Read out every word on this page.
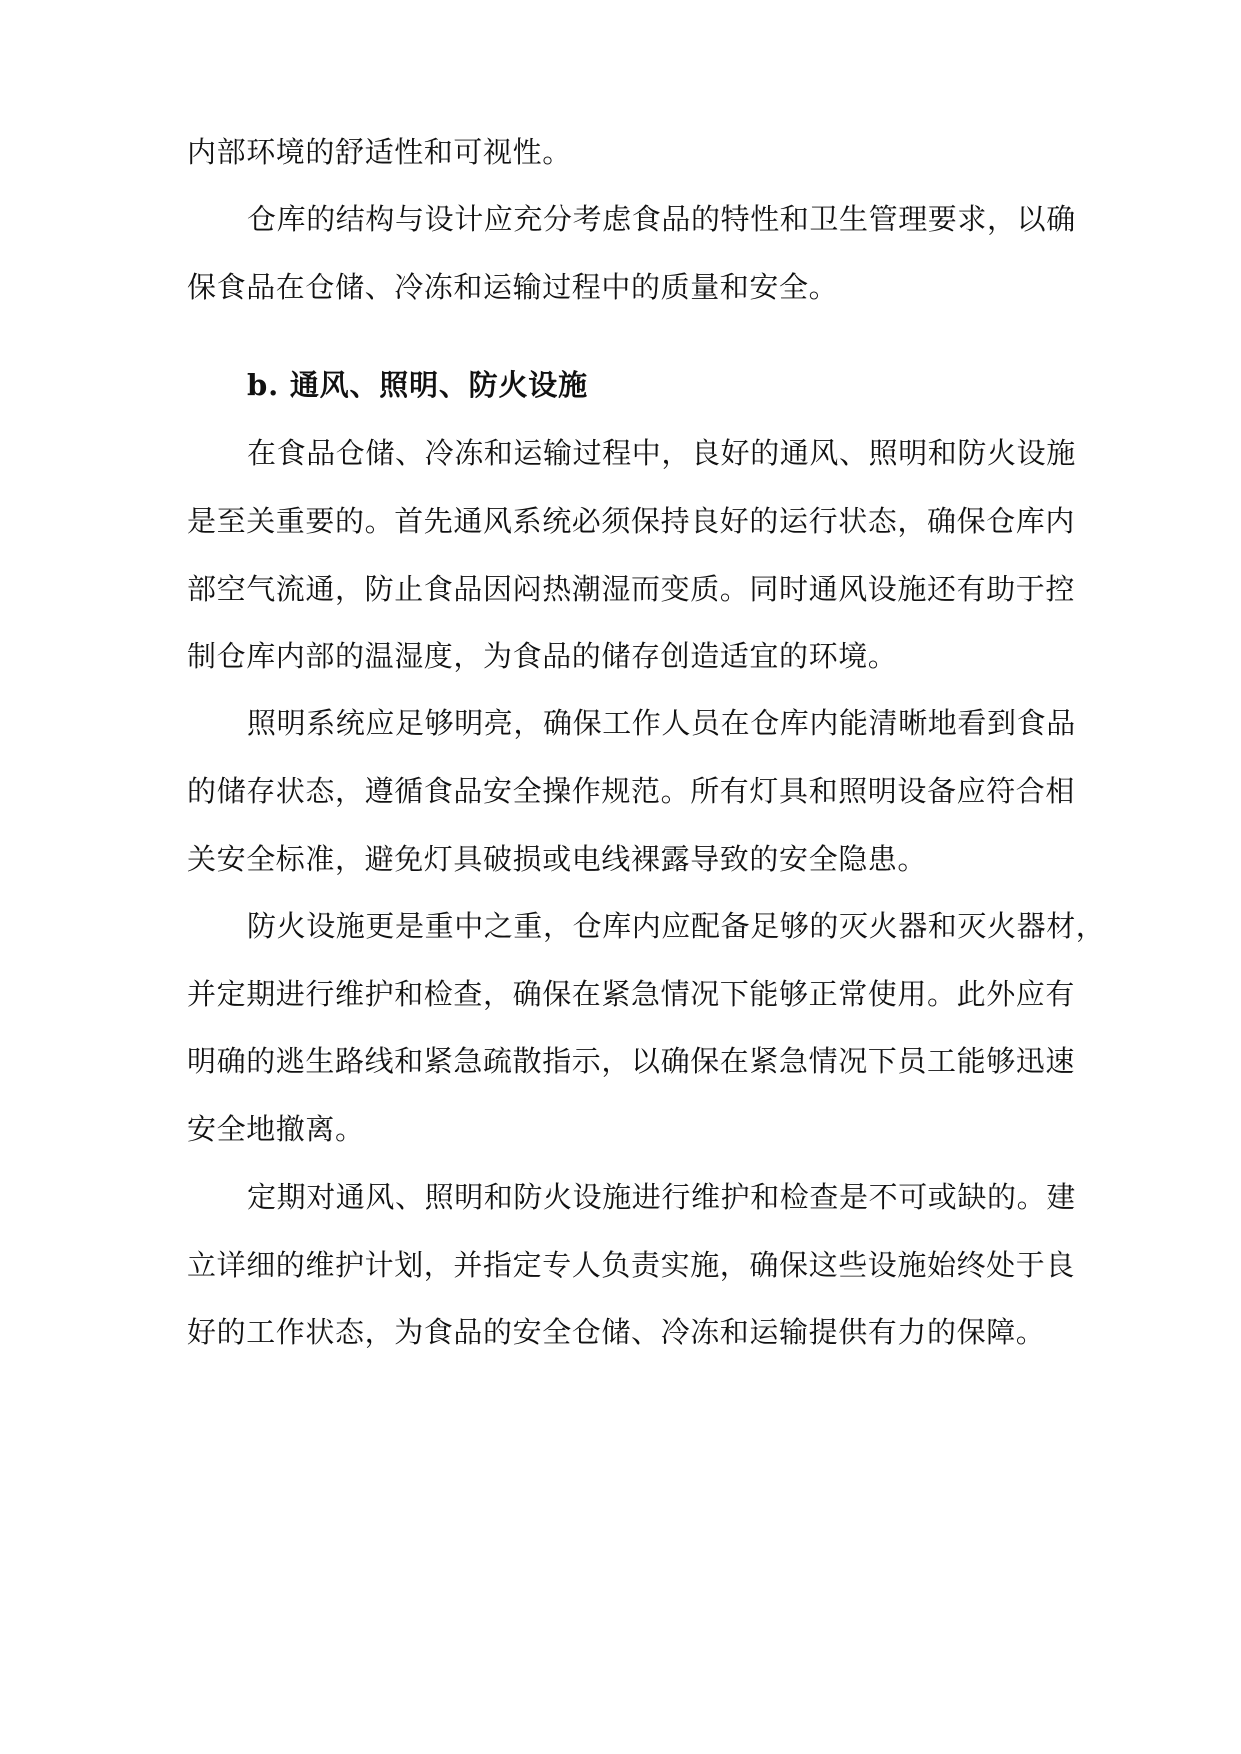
内部环境的舒适性和可视性。
仓库的结构与设计应充分考虑食品的特性和卫生管理要求，以确
保食品在仓储、冷冻和运输过程中的质量和安全。
b. 通风、照明、防火设施
在食品仓储、冷冻和运输过程中，良好的通风、照明和防火设施
是至关重要的。首先通风系统必须保持良好的运行状态，确保仓库内
部空气流通，防止食品因闷热潮湿而变质。同时通风设施还有助于控
制仓库内部的温湿度，为食品的储存创造适宜的环境。
照明系统应足够明亮，确保工作人员在仓库内能清晰地看到食品
的储存状态，遵循食品安全操作规范。所有灯具和照明设备应符合相
关安全标准，避免灯具破损或电线裸露导致的安全隐患。
防火设施更是重中之重，仓库内应配备足够的灭火器和灭火器材，
并定期进行维护和检查，确保在紧急情况下能够正常使用。此外应有
明确的逃生路线和紧急疏散指示，以确保在紧急情况下员工能够迅速
安全地撤离。
定期对通风、照明和防火设施进行维护和检查是不可或缺的。建
立详细的维护计划，并指定专人负责实施，确保这些设施始终处于良
好的工作状态，为食品的安全仓储、冷冻和运输提供有力的保障。
